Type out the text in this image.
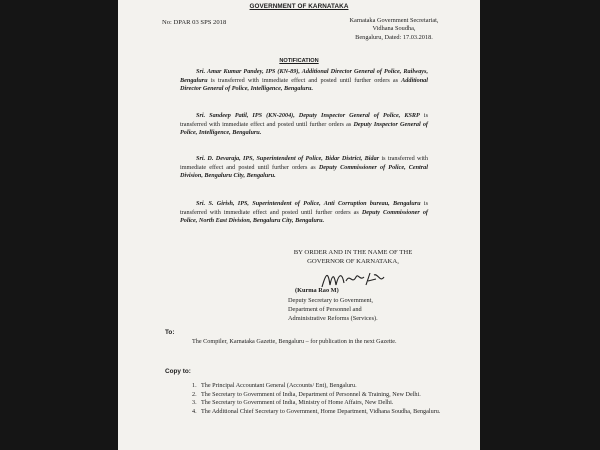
GOVERNMENT OF KARNATAKA
No: DPAR 03 SPS 2018	Karnataka Government Secretariat,
Vidhana Soudha,
Bengaluru, Dated: 17.03.2018.
NOTIFICATION
Sri. Amar Kumar Pandey, IPS (KN-89), Additional Director General of Police, Railways, Bengaluru is transferred with immediate effect and posted until further orders as Additional Director General of Police, Intelligence, Bengaluru.
Sri. Sandeep Patil, IPS (KN-2004), Deputy Inspector General of Police, KSRP is transferred with immediate effect and posted until further orders as Deputy Inspector General of Police, Intelligence, Bengaluru.
Sri. D. Devaraja, IPS, Superintendent of Police, Bidar District, Bidar is transferred with immediate effect and posted until further orders as Deputy Commissioner of Police, Central Division, Bengaluru City, Bengaluru.
Sri. S. Girish, IPS, Superintendent of Police, Anti Corruption bureau, Bengaluru is transferred with immediate effect and posted until further orders as Deputy Commissioner of Police, North East Division, Bengaluru City, Bengaluru.
BY ORDER AND IN THE NAME OF THE
GOVERNOR OF KARNATAKA,
(Kurma Rao M)
Deputy Secretary to Government,
Department of Personnel and
Administrative Reforms (Services).
To:
The Compiler, Karnataka Gazette, Bengaluru – for publication in the next Gazette.
Copy to:
1. The Principal Accountant General (Accounts/ Ent), Bengaluru.
2. The Secretary to Government of India, Department of Personnel & Training, New Delhi.
3. The Secretary to Government of India, Ministry of Home Affairs, New Delhi.
4. The Additional Chief Secretary to Government, Home Department, Vidhana Soudha, Bengaluru.
